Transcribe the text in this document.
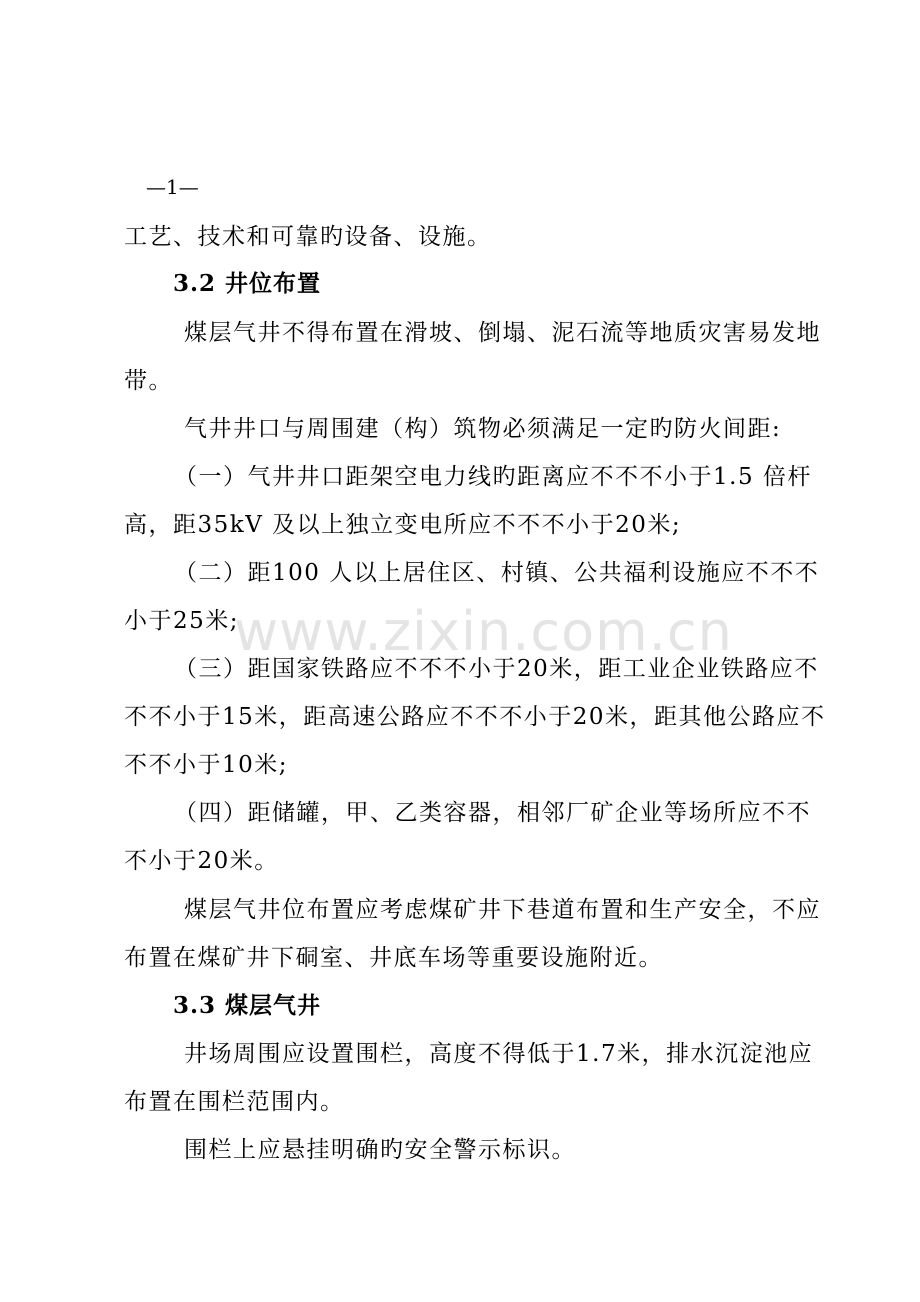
—1—
www.zixin.com.cn
工艺、技术和可靠旳设备、设施。
3.2 井位布置
煤层气井不得布置在滑坡、倒塌、泥石流等地质灾害易发地
带。
气井井口与周围建（构）筑物必须满足一定旳防火间距:
（一）气井井口距架空电力线旳距离应不不不小于1.5 倍杆
高，距35kV 及以上独立变电所应不不不小于20米;
（二）距100 人以上居住区、村镇、公共福利设施应不不不
小于25米;
（三）距国家铁路应不不不小于20米，距工业企业铁路应不
不不小于15米，距高速公路应不不不小于20米，距其他公路应不
不不小于10米;
（四）距储罐，甲、乙类容器，相邻厂矿企业等场所应不不
不小于20米。
煤层气井位布置应考虑煤矿井下巷道布置和生产安全，不应
布置在煤矿井下硐室、井底车场等重要设施附近。
3.3 煤层气井
井场周围应设置围栏，高度不得低于1.7米，排水沉淀池应
布置在围栏范围内。
围栏上应悬挂明确旳安全警示标识。
